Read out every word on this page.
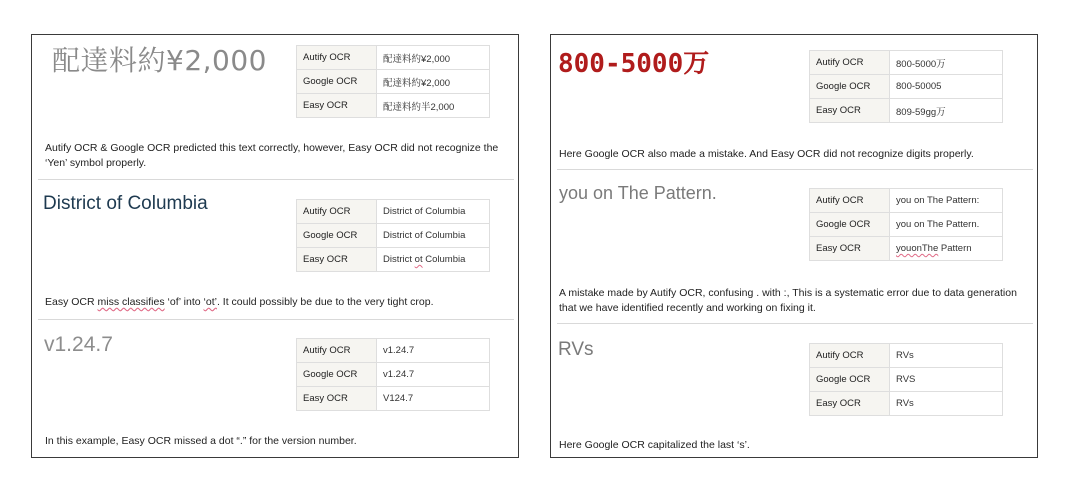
配達料約¥2,000	Autify OCR	配達料約¥2,000
Google OCR	配達料約¥2,000
Easy OCR	配達料約半2,000
Autify OCR & Google OCR predicted this text correctly, however, Easy OCR did not recognize the ‘Yen’ symbol properly.
District of Columbia	Autify OCR	District of Columbia
Google OCR	District of Columbia
Easy OCR	District ot Columbia
Easy OCR miss classifies ‘of’ into ‘ot’. It could possibly be due to the very tight crop.
v1.24.7	Autify OCR	v1.24.7
Google OCR	v1.24.7
Easy OCR	V124.7
In this example, Easy OCR missed a dot “.” for the version number.
800-5000万	Autify OCR	800-5000万
Google OCR	800-50005
Easy OCR	809-59gg万
Here Google OCR also made a mistake. And Easy OCR did not recognize digits properly.
you on The Pattern.	Autify OCR	you on The Pattern:
Google OCR	you on The Pattern.
Easy OCR	youonThe Pattern
A mistake made by Autify OCR, confusing . with :, This is a systematic error due to data generation that we have identified recently and working on fixing it.
RVs	Autify OCR	RVs
Google OCR	RVS
Easy OCR	RVs
Here Google OCR capitalized the last ‘s’.
